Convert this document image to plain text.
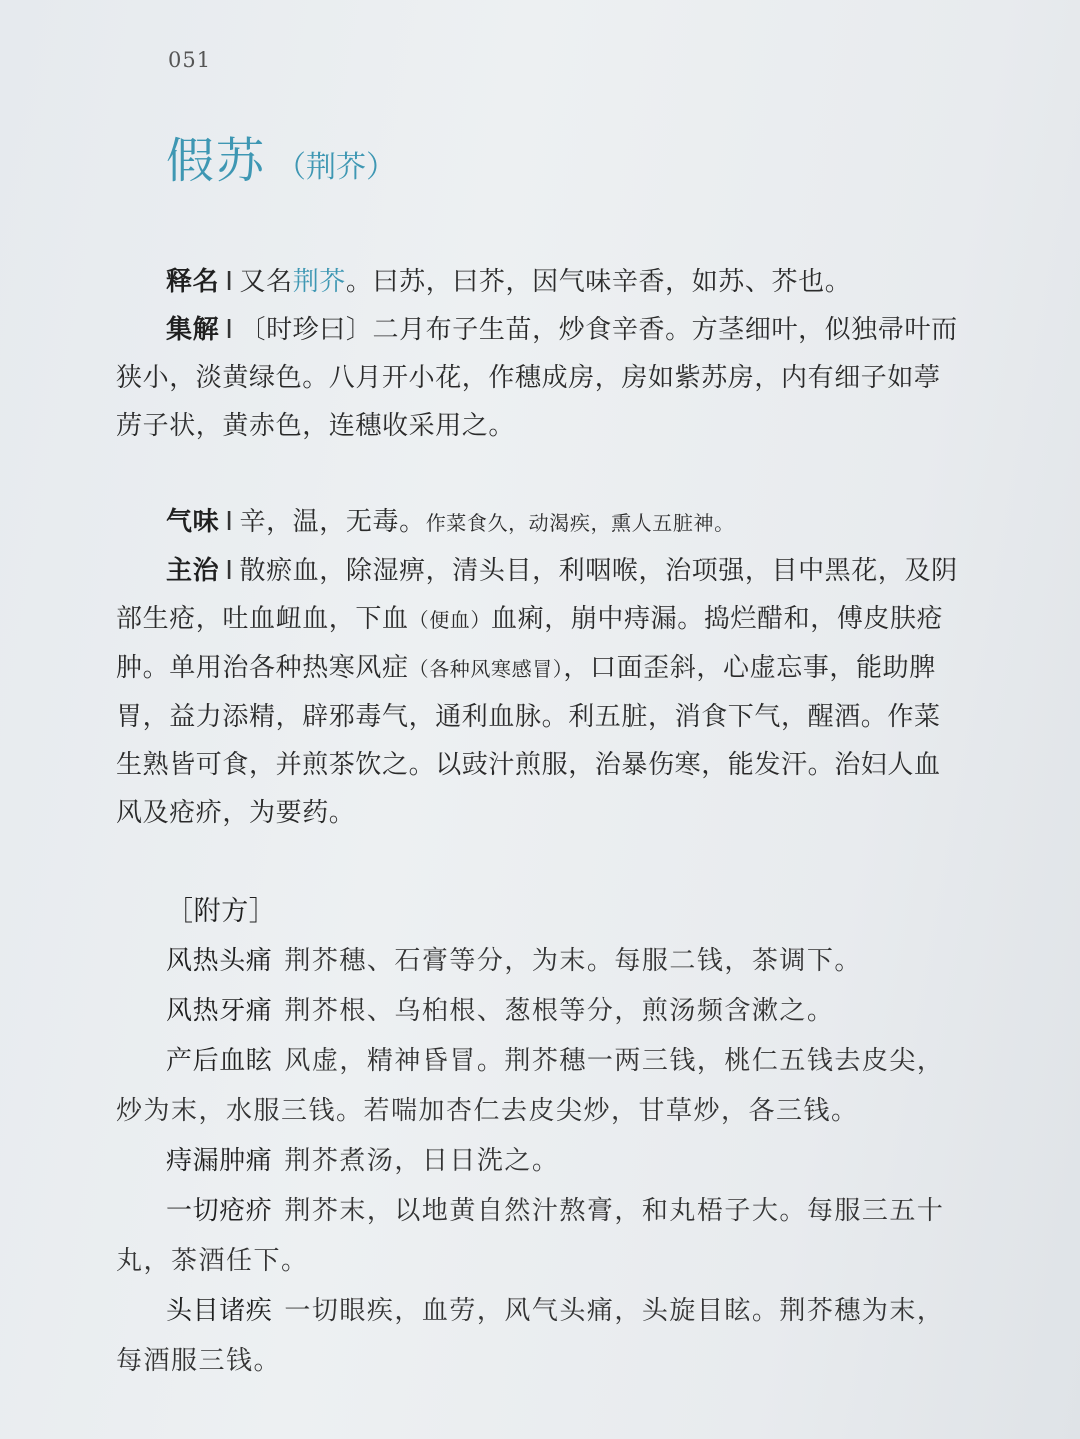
051
假苏 （荆芥）

释名 I 又名荆芥。曰苏，曰芥，因气味辛香，如苏、芥也。

集解 I 〔时珍曰〕二月布子生苗，炒食辛香。方茎细叶，似独帚叶而狭小，淡黄绿色。八月开小花，作穗成房，房如紫苏房，内有细子如葶苈子状，黄赤色，连穗收采用之。

气味 I 辛，温，无毒。作菜食久，动渴疾，熏人五脏神。

主治 I 散瘀血，除湿痹，清头目，利咽喉，治项强，目中黑花，及阴部生疮，吐血衄血，下血（便血）血痢，崩中痔漏。捣烂醋和，傅皮肤疮肿。单用治各种热寒风症（各种风寒感冒），口面歪斜，心虚忘事，能助脾胃，益力添精，辟邪毒气，通利血脉。利五脏，消食下气，醒酒。作菜生熟皆可食，并煎茶饮之。以豉汁煎服，治暴伤寒，能发汗。治妇人血风及疮疥，为要药。

［附方］

风热头痛 荆芥穗、石膏等分，为末。每服二钱，茶调下。

风热牙痛 荆芥根、乌桕根、葱根等分，煎汤频含漱之。

产后血眩 风虚，精神昏冒。荆芥穗一两三钱，桃仁五钱去皮尖，炒为末，水服三钱。若喘加杏仁去皮尖炒，甘草炒，各三钱。

痔漏肿痛 荆芥煮汤，日日洗之。

一切疮疥 荆芥末，以地黄自然汁熬膏，和丸梧子大。每服三五十丸，茶酒任下。

头目诸疾 一切眼疾，血劳，风气头痛，头旋目眩。荆芥穗为末，每酒服三钱。
